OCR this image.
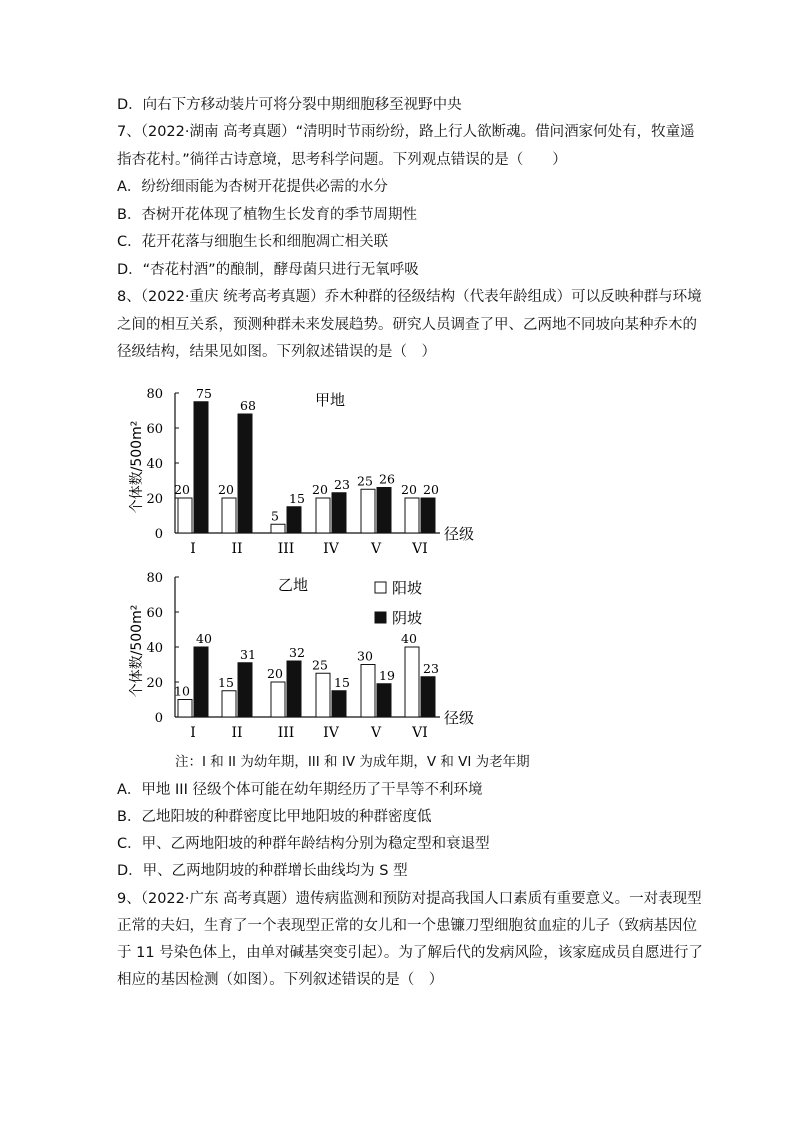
D．向右下方移动装片可将分裂中期细胞移至视野中央
7、（2022·湖南 高考真题）“清明时节雨纷纷，路上行人欲断魂。借问酒家何处有，牧童遥
指杏花村。”徜徉古诗意境，思考科学问题。下列观点错误的是（　　）
A．纷纷细雨能为杏树开花提供必需的水分
B．杏树开花体现了植物生长发育的季节周期性
C．花开花落与细胞生长和细胞凋亡相关联
D．“杏花村酒”的酿制，酵母菌只进行无氧呼吸
8、（2022·重庆 统考高考真题）乔木种群的径级结构（代表年龄组成）可以反映种群与环境
之间的相互关系，预测种群未来发展趋势。研究人员调查了甲、乙两地不同坡向某种乔木的
径级结构，结果见如图。下列叙述错误的是（　）
0
20
40
60
80
个体数/500m²
径级
甲地
I	II	III IV V VI
20 20
5
20
25
20
75
68
15
23 26
20
0
20
40
60
80
个体数/500m²
径级
乙地
I	II	III IV V VI
10
15
20
25
30
40
40
31	32
15 19 23
阳坡
阴坡
注：I 和 II 为幼年期，III 和 IV 为成年期，V 和 VI 为老年期
A．甲地 III 径级个体可能在幼年期经历了干旱等不利环境
B．乙地阳坡的种群密度比甲地阳坡的种群密度低
C．甲、乙两地阳坡的种群年龄结构分别为稳定型和衰退型
D．甲、乙两地阴坡的种群增长曲线均为 S 型
9、（2022·广东 高考真题）遗传病监测和预防对提高我国人口素质有重要意义。一对表现型
正常的夫妇，生育了一个表现型正常的女儿和一个患镰刀型细胞贫血症的儿子（致病基因位
于 11 号染色体上，由单对碱基突变引起）。为了解后代的发病风险，该家庭成员自愿进行了
相应的基因检测（如图）。下列叙述错误的是（　）
